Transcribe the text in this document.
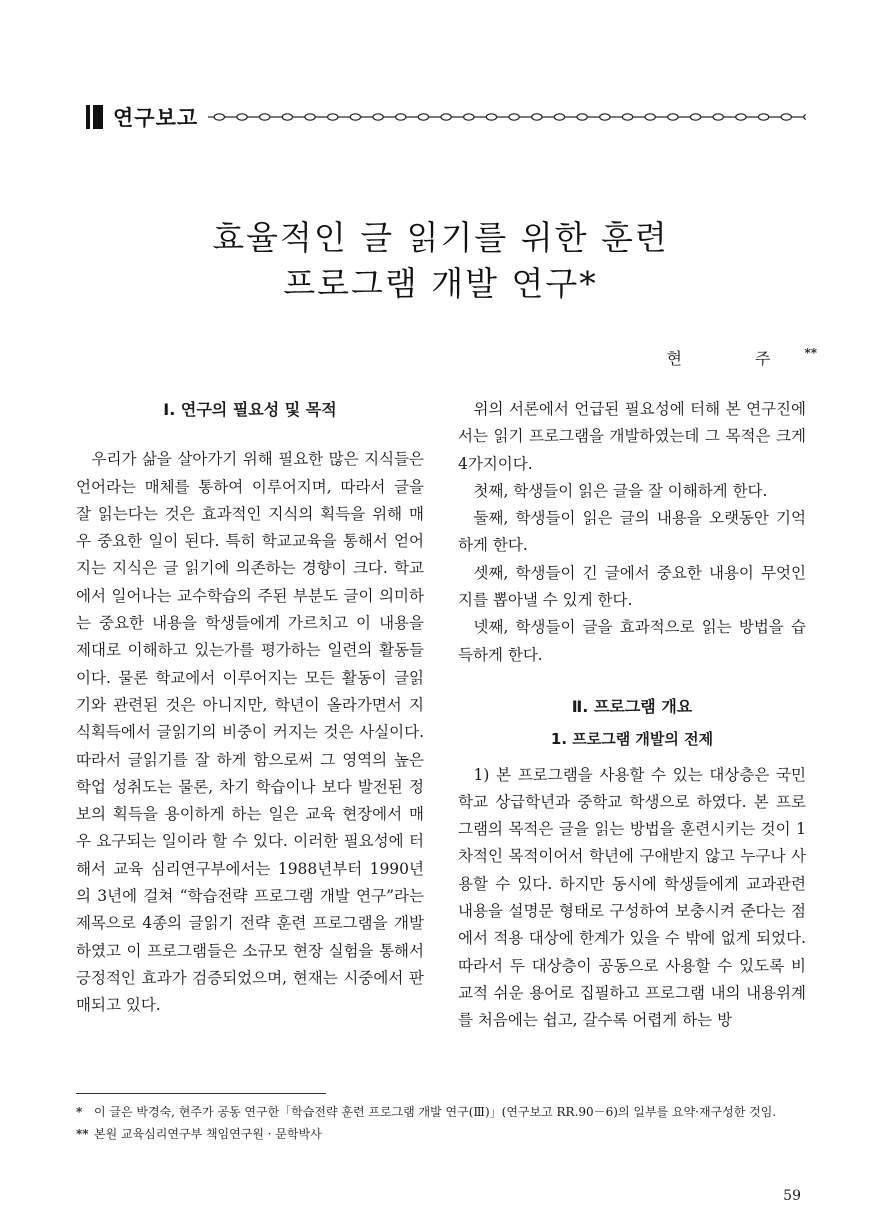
연구보고
효율적인 글 읽기를 위한 훈련
프로그램 개발 연구*
현 주**
Ⅰ. 연구의 필요성 및 목적

우리가 삶을 살아가기 위해 필요한 많은 지식들은 언어라는 매체를 통하여 이루어지며, 따라서 글을 잘 읽는다는 것은 효과적인 지식의 획득을 위해 매우 중요한 일이 된다. 특히 학교교육을 통해서 얻어지는 지식은 글 읽기에 의존하는 경향이 크다. 학교에서 일어나는 교수학습의 주된 부분도 글이 의미하는 중요한 내용을 학생들에게 가르치고 이 내용을 제대로 이해하고 있는가를 평가하는 일련의 활동들이다. 물론 학교에서 이루어지는 모든 활동이 글읽기와 관련된 것은 아니지만, 학년이 올라가면서 지식획득에서 글읽기의 비중이 커지는 것은 사실이다. 따라서 글읽기를 잘 하게 함으로써 그 영역의 높은 학업 성취도는 물론, 차기 학습이나 보다 발전된 정보의 획득을 용이하게 하는 일은 교육 현장에서 매우 요구되는 일이라 할 수 있다. 이러한 필요성에 터해서 교육 심리연구부에서는 1988년부터 1990년의 3년에 걸쳐 “학습전략 프로그램 개발 연구”라는 제목으로 4종의 글읽기 전략 훈련 프로그램을 개발하였고 이 프로그램들은 소규모 현장 실험을 통해서 긍정적인 효과가 검증되었으며, 현재는 시중에서 판매되고 있다.

위의 서론에서 언급된 필요성에 터해 본 연구진에서는 읽기 프로그램을 개발하였는데 그 목적은 크게 4가지이다.

첫째, 학생들이 읽은 글을 잘 이해하게 한다.

둘째, 학생들이 읽은 글의 내용을 오랫동안 기억하게 한다.

셋째, 학생들이 긴 글에서 중요한 내용이 무엇인지를 뽑아낼 수 있게 한다.

넷째, 학생들이 글을 효과적으로 읽는 방법을 습득하게 한다.

Ⅱ. 프로그램 개요
1. 프로그램 개발의 전제

1) 본 프로그램을 사용할 수 있는 대상층은 국민학교 상급학년과 중학교 학생으로 하였다. 본 프로그램의 목적은 글을 읽는 방법을 훈련시키는 것이 1차적인 목적이어서 학년에 구애받지 않고 누구나 사용할 수 있다. 하지만 동시에 학생들에게 교과관련 내용을 설명문 형태로 구성하여 보충시켜 준다는 점에서 적용 대상에 한계가 있을 수 밖에 없게 되었다. 따라서 두 대상층이 공동으로 사용할 수 있도록 비교적 쉬운 용어로 집필하고 프로그램 내의 내용위계를 처음에는 쉽고, 갈수록 어렵게 하는 방

* 이 글은 박경숙, 현주가 공동 연구한「학습전략 훈련 프로그램 개발 연구(Ⅲ)」(연구보고 RR.90－6)의 일부를 요약·재구성한 것임.
** 본원 교육심리연구부 책임연구원 · 문학박사
59
